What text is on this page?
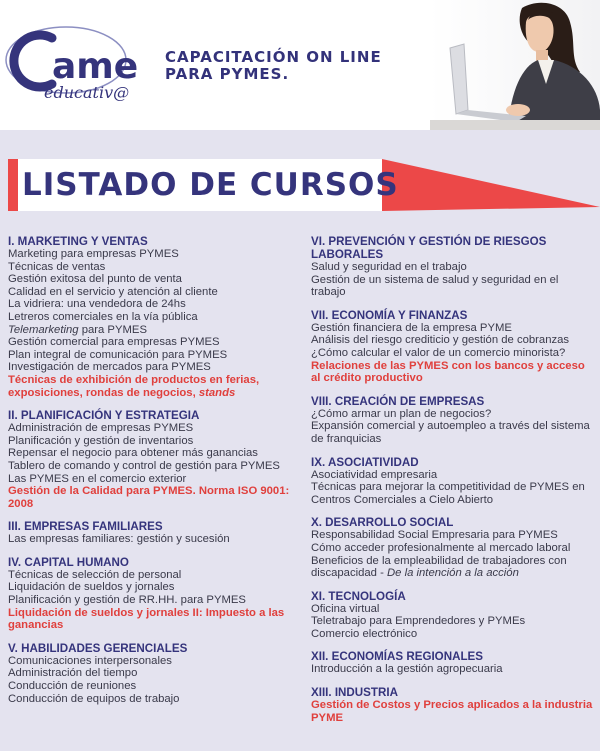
ame
educativ@
CAPACITACIÓN ON LINE
PARA PYMES.
LISTADO DE CURSOS
I. MARKETING Y VENTAS
Marketing para empresas PYMES
Técnicas de ventas
Gestión exitosa del punto de venta
Calidad en el servicio y atención al cliente
La vidriera: una vendedora de 24hs
Letreros comerciales en la vía pública
Telemarketing para PYMES
Gestión comercial para empresas PYMES
Plan integral de comunicación para PYMES
Investigación de mercados para PYMES
Técnicas de exhibición de productos en ferias, exposiciones, rondas de negocios, stands
II. PLANIFICACIÓN Y ESTRATEGIA
Administración de empresas PYMES
Planificación y gestión de inventarios
Repensar el negocio para obtener más ganancias
Tablero de comando y control de gestión para PYMES
Las PYMES en el comercio exterior
Gestión de la Calidad para PYMES. Norma ISO 9001: 2008
III. EMPRESAS FAMILIARES
Las empresas familiares: gestión y sucesión
IV. CAPITAL HUMANO
Técnicas de selección de personal
Liquidación de sueldos y jornales
Planificación y gestión de RR.HH. para PYMES
Liquidación de sueldos y jornales II: Impuesto a las ganancias
V. HABILIDADES GERENCIALES
Comunicaciones interpersonales
Administración del tiempo
Conducción de reuniones
Conducción de equipos de trabajo
VI. PREVENCIÓN Y GESTIÓN DE RIESGOS LABORALES
Salud y seguridad en el trabajo
Gestión de un sistema de salud y seguridad en el trabajo
VII. ECONOMÍA Y FINANZAS
Gestión financiera de la empresa PYME
Análisis del riesgo crediticio y gestión de cobranzas
¿Cómo calcular el valor de un comercio minorista?
Relaciones de las PYMES con los bancos y acceso al crédito productivo
VIII. CREACIÓN DE EMPRESAS
¿Cómo armar un plan de negocios?
Expansión comercial y autoempleo a través del sistema de franquicias
IX. ASOCIATIVIDAD
Asociatividad empresaria
Técnicas para mejorar la competitividad de PYMES en Centros Comerciales a Cielo Abierto
X. DESARROLLO SOCIAL
Responsabilidad Social Empresaria para PYMES
Cómo acceder profesionalmente al mercado laboral
Beneficios de la empleabilidad de trabajadores con discapacidad - De la intención a la acción
XI. TECNOLOGÍA
Oficina virtual
Teletrabajo para Emprendedores y PYMEs
Comercio electrónico
XII. ECONOMÍAS REGIONALES
Introducción a la gestión agropecuaria
XIII. INDUSTRIA
Gestión de Costos y Precios aplicados a la industria PYME
